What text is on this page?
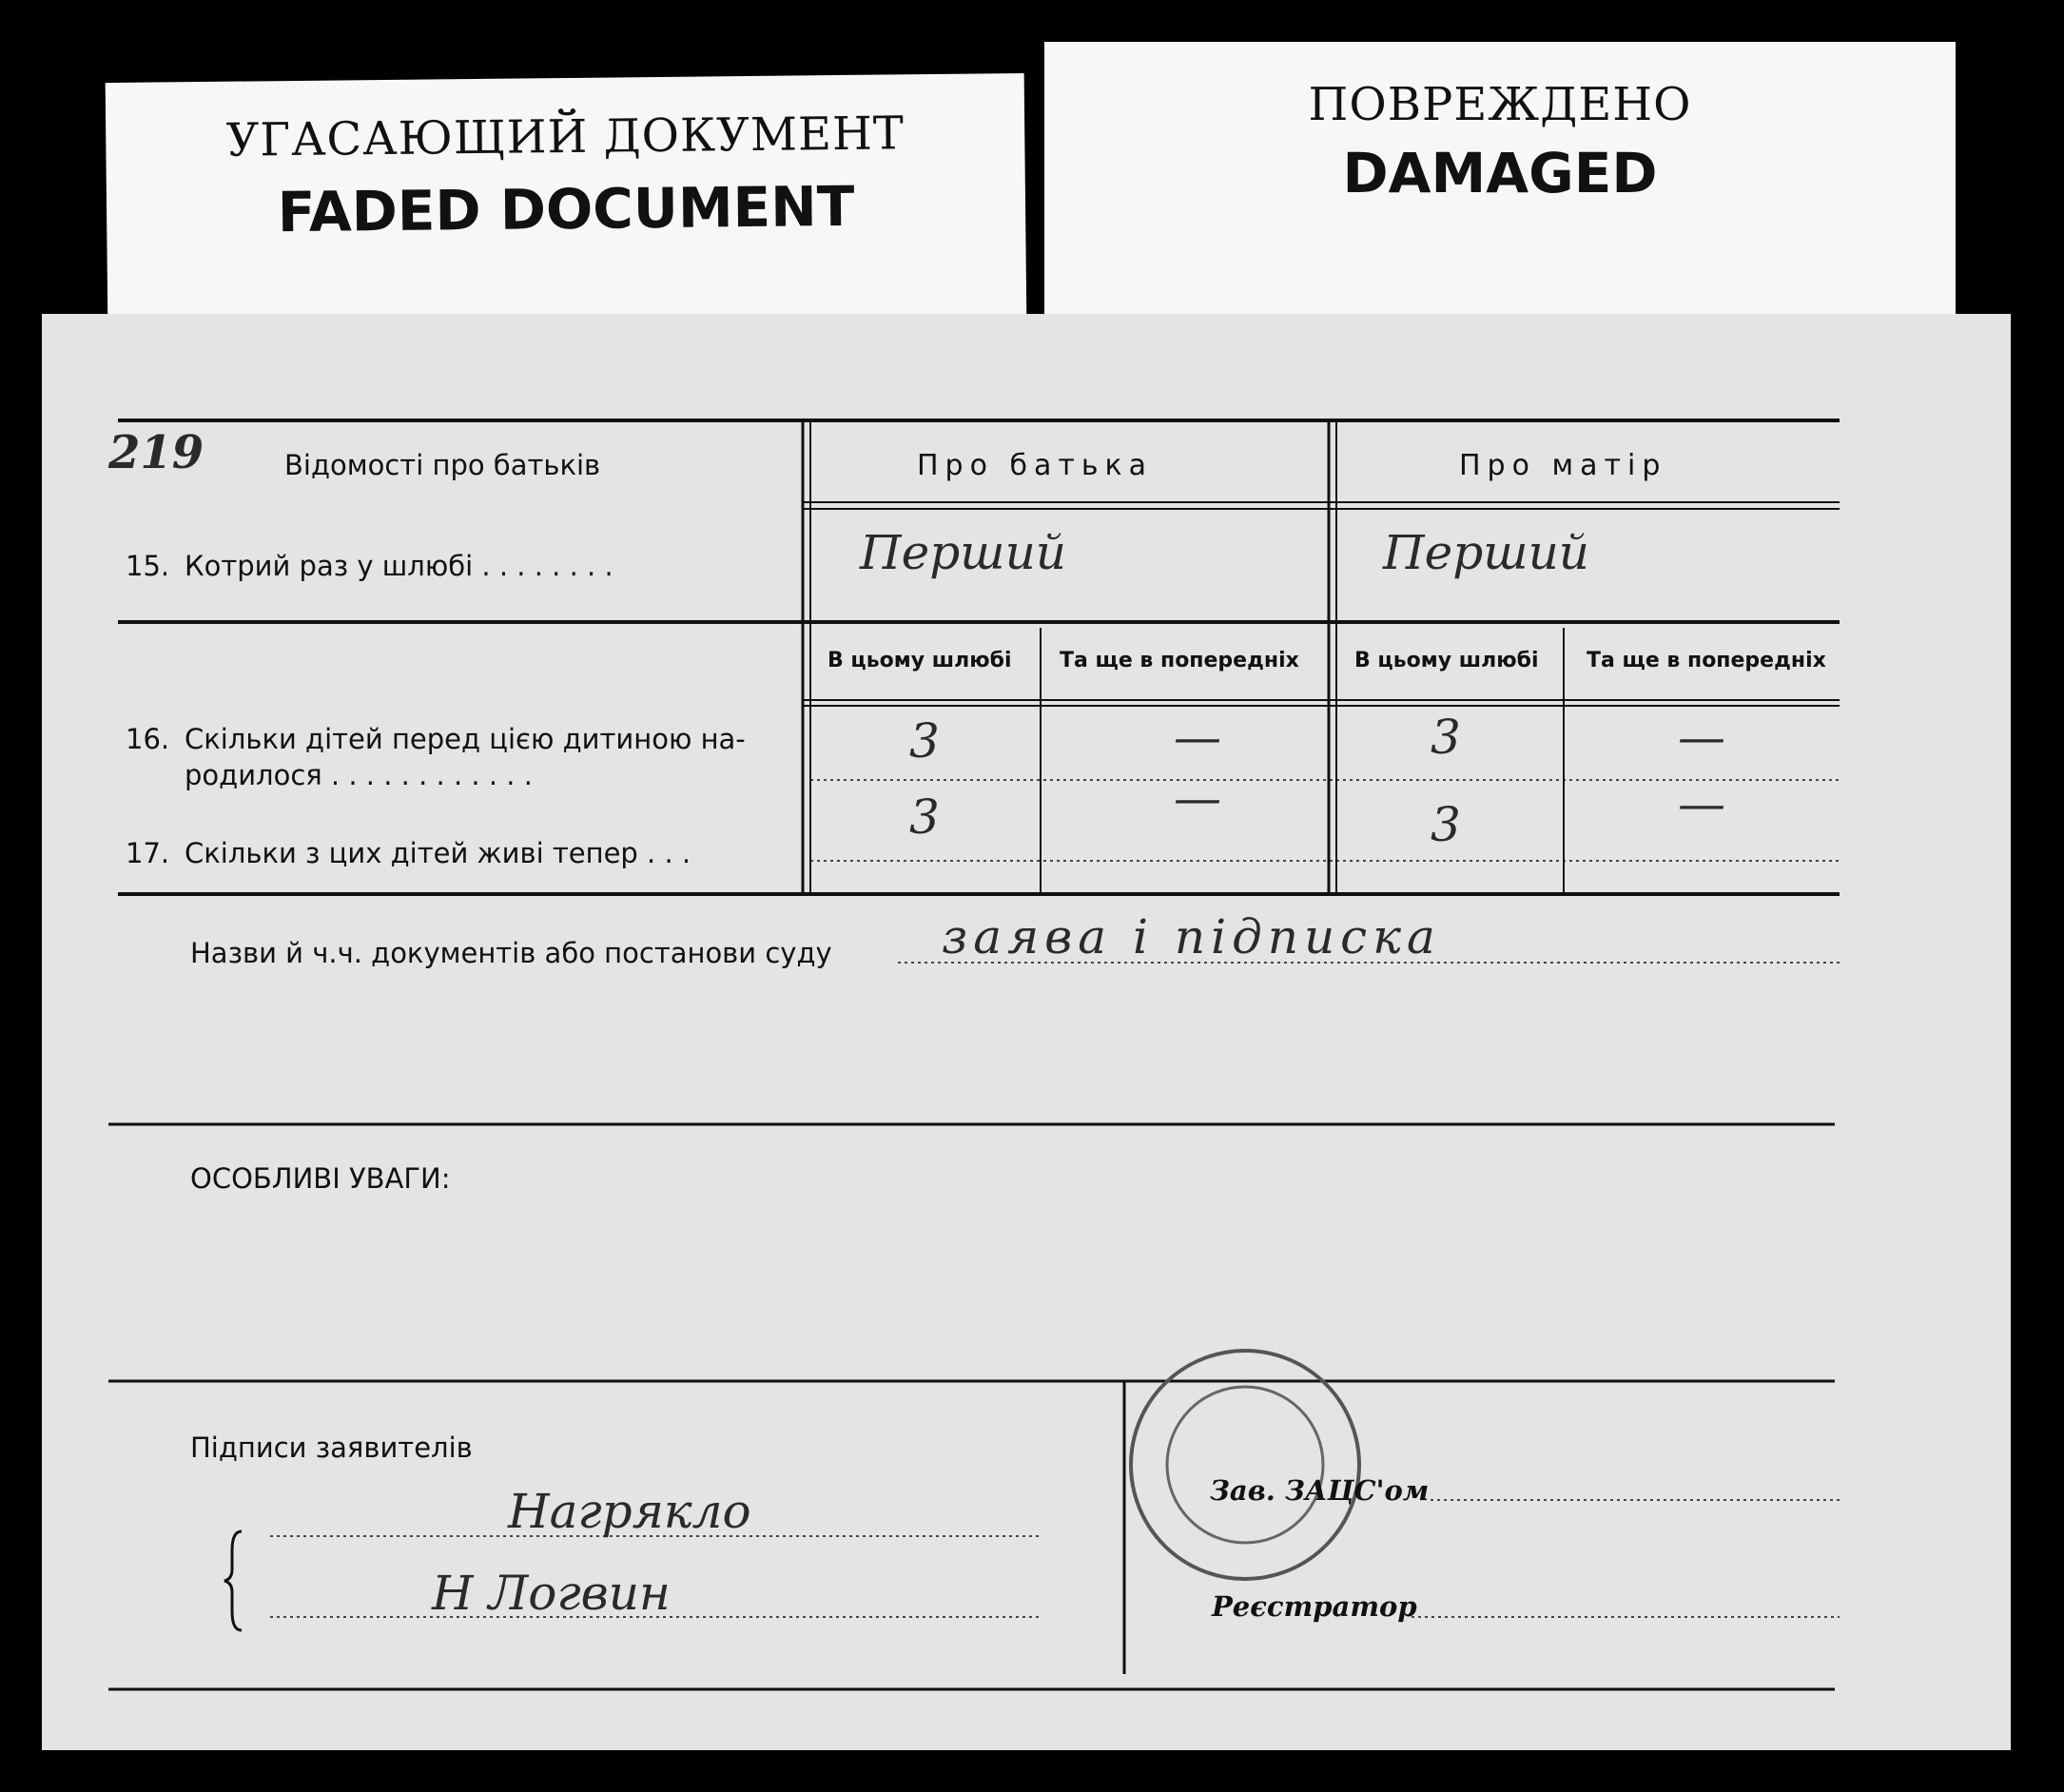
УГАСАЮЩИЙ ДОКУМЕНТ
FADED DOCUMENT
ПОВРЕЖДЕНО
DAMAGED
219	Відомості про батьків	Про батька	Про матір
15. Котрий раз у шлюбі . . . . . . . .	Перший	Перший
В цьому шлюбі Та ще в попередніх	В цьому шлюбі Та ще в попередніх
16. Скільки дітей перед цією дитиною на-
родилося . . . . . . . . . . . .
3	—	3	—
17. Скільки з цих дітей живі тепер . . .
3	—	3	—
Назви й ч.ч. документів або постанови суду заява і підписка
ОСОБЛИВІ УВАГИ:
Підписи заявителів
Нагрякло
Н Логвин
Зав. ЗАЦС'ом
Реєстратор
